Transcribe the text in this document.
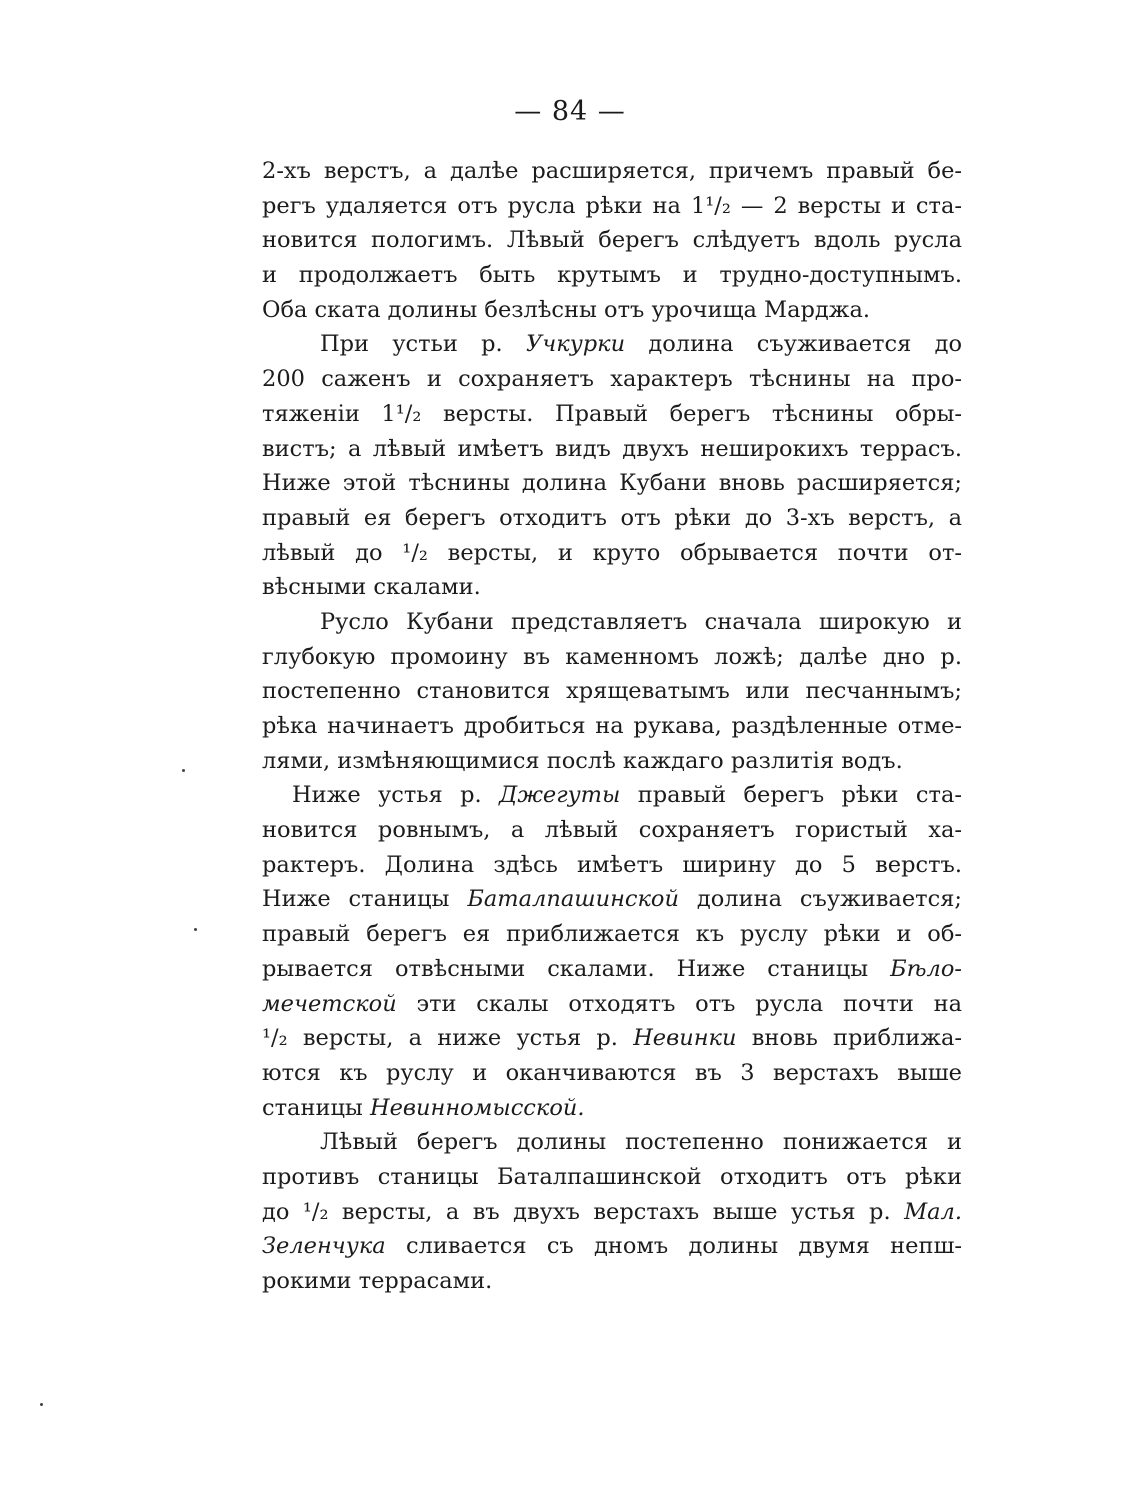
— 84 —
2-хъ верстъ, а далѣе расширяется, причемъ правый бе-
регъ удаляется отъ русла рѣки на 1¹/₂ — 2 версты и ста-
новится пологимъ. Лѣвый берегъ слѣдуетъ вдоль русла
и продолжаетъ быть крутымъ и трудно-доступнымъ.
Оба ската долины безлѣсны отъ урочища Марджа.
При устьи р. Учкурки долина съуживается до
200 саженъ и сохраняетъ характеръ тѣснины на про-
тяженіи 1¹/₂ версты. Правый берегъ тѣснины обры-
вистъ; а лѣвый имѣетъ видъ двухъ неширокихъ террасъ.
Ниже этой тѣснины долина Кубани вновь расширяется;
правый ея берегъ отходитъ отъ рѣки до 3-хъ верстъ, а
лѣвый до ¹/₂ версты, и круто обрывается почти от-
вѣсными скалами.
Русло Кубани представляетъ сначала широкую и
глубокую промоину въ каменномъ ложѣ; далѣе дно р.
постепенно становится хрящеватымъ или песчаннымъ;
рѣка начинаетъ дробиться на рукава, раздѣленные отме-
лями, измѣняющимися послѣ каждаго разлитія водъ.
Ниже устья р. Джегуты правый берегъ рѣки ста-
новится ровнымъ, а лѣвый сохраняетъ гористый ха-
рактеръ. Долина здѣсь имѣетъ ширину до 5 верстъ.
Ниже станицы Баталпашинской долина съуживается;
правый берегъ ея приближается къ руслу рѣки и об-
рывается отвѣсными скалами. Ниже станицы Бѣло-
мечетской эти скалы отходятъ отъ русла почти на
¹/₂ версты, а ниже устья р. Невинки вновь приближа-
ются къ руслу и оканчиваются въ 3 верстахъ выше
станицы Невинномысской.
Лѣвый берегъ долины постепенно понижается и
противъ станицы Баталпашинской отходитъ отъ рѣки
до ¹/₂ версты, а въ двухъ верстахъ выше устья р. Мал.
Зеленчука сливается съ дномъ долины двумя непш-
рокими террасами.
